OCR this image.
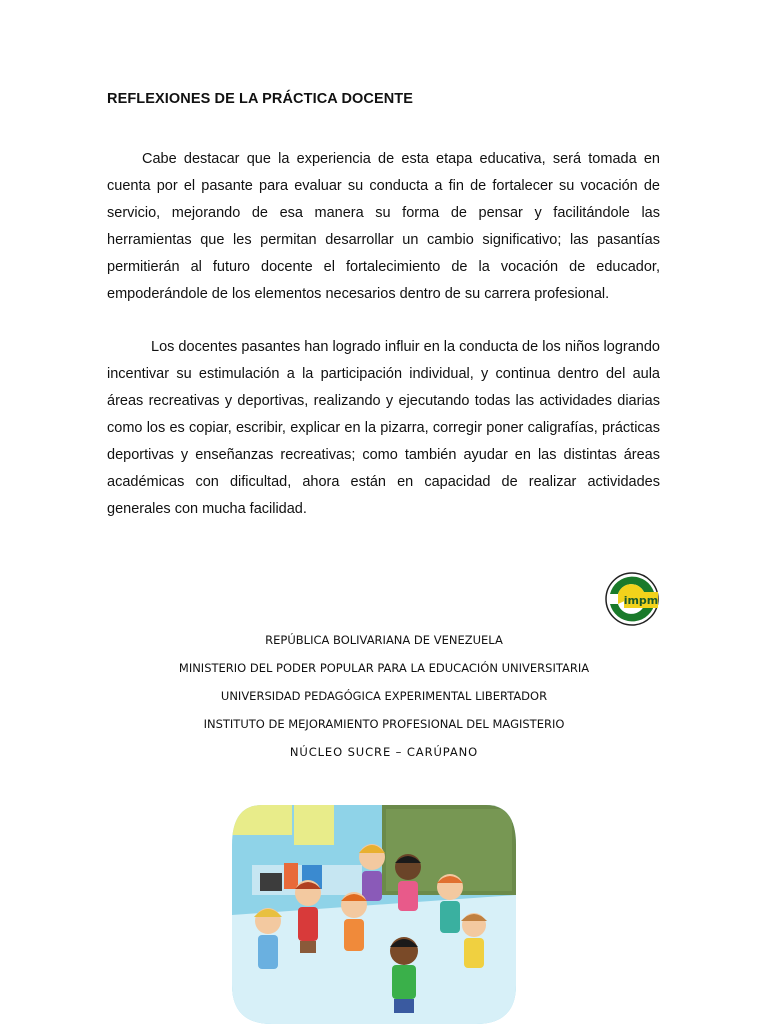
REFLEXIONES DE LA PRÁCTICA DOCENTE

Cabe destacar que la experiencia de esta etapa educativa, será tomada en cuenta por el pasante para evaluar su conducta a fin de fortalecer su vocación de servicio, mejorando de esa manera su forma de pensar y facilitándole las herramientas que les permitan desarrollar un cambio significativo; las pasantías permitierán al futuro docente el fortalecimiento de la vocación de educador, empoderándole de los elementos necesarios dentro de su carrera profesional.

Los docentes pasantes han logrado influir en la conducta de los niños logrando incentivar su estimulación a la participación individual, y continua dentro del aula áreas recreativas y deportivas, realizando y ejecutando todas las actividades diarias como los es copiar, escribir, explicar en la pizarra, corregir poner caligrafías, prácticas deportivas y enseñanzas recreativas; como también ayudar en las distintas áreas académicas con dificultad, ahora están en capacidad de realizar actividades generales con mucha facilidad.

impm
REPÚBLICA BOLIVARIANA DE VENEZUELA
MINISTERIO DEL PODER POPULAR PARA LA EDUCACIÓN UNIVERSITARIA
UNIVERSIDAD PEDAGÓGICA EXPERIMENTAL LIBERTADOR
INSTITUTO DE MEJORAMIENTO PROFESIONAL DEL MAGISTERIO
NÚCLEO SUCRE – CARÚPANO
